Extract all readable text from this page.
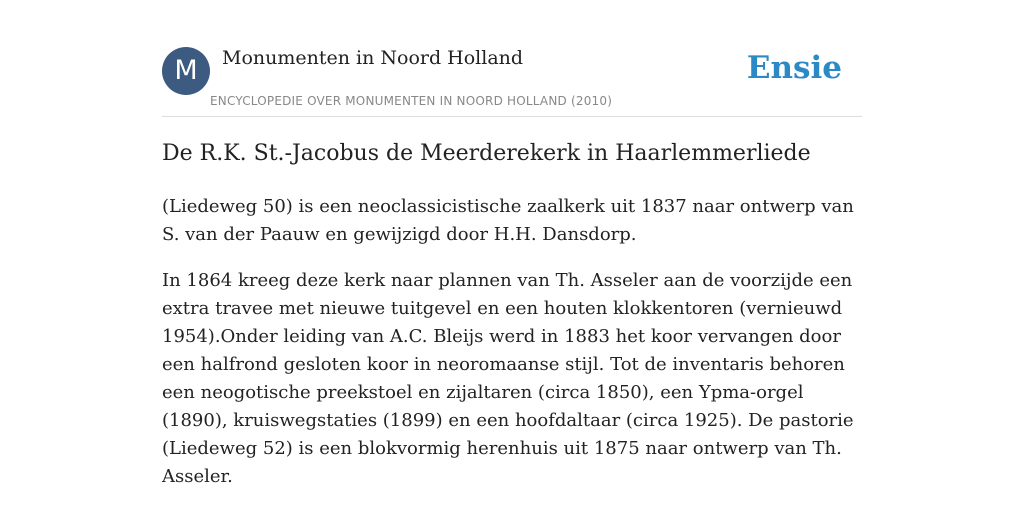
M	Monumenten in Noord Holland
ENCYCLOPEDIE OVER MONUMENTEN IN NOORD HOLLAND (2010)
Ensie
De R.K. St.-Jacobus de Meerderekerk in Haarlemmerliede

(Liedeweg 50) is een neoclassicistische zaalkerk uit 1837 naar ontwerp van S. van der Paauw en gewijzigd door H.H. Dansdorp.

In 1864 kreeg deze kerk naar plannen van Th. Asseler aan de voorzijde een extra travee met nieuwe tuitgevel en een houten klokkentoren (vernieuwd 1954).Onder leiding van A.C. Bleijs werd in 1883 het koor vervangen door een halfrond gesloten koor in neoromaanse stijl. Tot de inventaris behoren een neogotische preekstoel en zijaltaren (circa 1850), een Ypma-orgel (1890), kruiswegstaties (1899) en een hoofdaltaar (circa 1925). De pastorie (Liedeweg 52) is een blokvormig herenhuis uit 1875 naar ontwerp van Th. Asseler.
